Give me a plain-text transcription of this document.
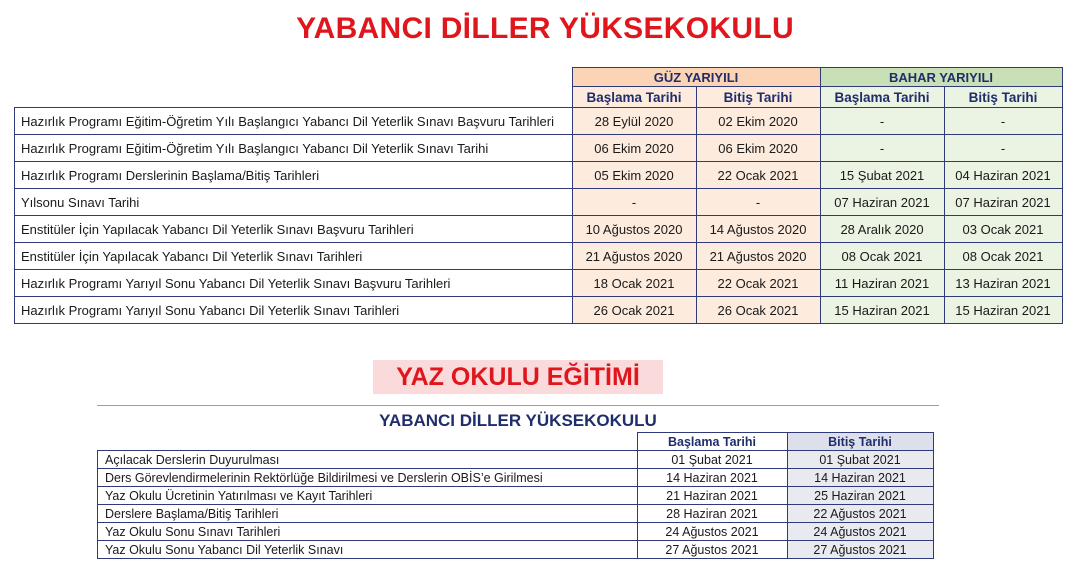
YABANCI DİLLER YÜKSEKOKULU
	GÜZ YARIYILI		BAHAR YARIYILI	
	Başlama Tarihi	Bitiş Tarihi	Başlama Tarihi	Bitiş Tarihi
Hazırlık Programı Eğitim-Öğretim Yılı Başlangıcı Yabancı Dil Yeterlik Sınavı Başvuru Tarihleri	28 Eylül 2020	02 Ekim 2020	-	-
Hazırlık Programı Eğitim-Öğretim Yılı Başlangıcı Yabancı Dil Yeterlik Sınavı Tarihi	06 Ekim 2020	06 Ekim 2020	-	-
Hazırlık Programı Derslerinin Başlama/Bitiş Tarihleri	05 Ekim 2020	22 Ocak 2021	15 Şubat 2021	04 Haziran 2021
Yılsonu Sınavı Tarihi	-	-	07 Haziran 2021	07 Haziran 2021
Enstitüler İçin Yapılacak Yabancı Dil Yeterlik Sınavı Başvuru Tarihleri	10 Ağustos 2020	14 Ağustos 2020	28 Aralık 2020	03 Ocak 2021
Enstitüler İçin Yapılacak Yabancı Dil Yeterlik Sınavı Tarihleri	21 Ağustos 2020	21 Ağustos 2020	08 Ocak 2021	08 Ocak 2021
Hazırlık Programı Yarıyıl Sonu Yabancı Dil Yeterlik Sınavı Başvuru Tarihleri	18 Ocak 2021	22 Ocak 2021	11 Haziran 2021	13 Haziran 2021
Hazırlık Programı Yarıyıl Sonu Yabancı Dil Yeterlik Sınavı Tarihleri	26 Ocak 2021	26 Ocak 2021	15 Haziran 2021	15 Haziran 2021
YAZ OKULU EĞİTİMİ
YABANCI DİLLER YÜKSEKOKULU
	Başlama Tarihi	Bitiş Tarihi
Açılacak Derslerin Duyurulması	01 Şubat 2021	01 Şubat 2021
Ders Görevlendirmelerinin Rektörlüğe Bildirilmesi ve Derslerin OBİS’e Girilmesi	14 Haziran 2021	14 Haziran 2021
Yaz Okulu Ücretinin Yatırılması ve Kayıt Tarihleri	21 Haziran 2021	25 Haziran 2021
Derslere Başlama/Bitiş Tarihleri	28 Haziran 2021	22 Ağustos 2021
Yaz Okulu Sonu Sınavı Tarihleri	24 Ağustos 2021	24 Ağustos 2021
Yaz Okulu Sonu Yabancı Dil Yeterlik Sınavı	27 Ağustos 2021	27 Ağustos 2021
